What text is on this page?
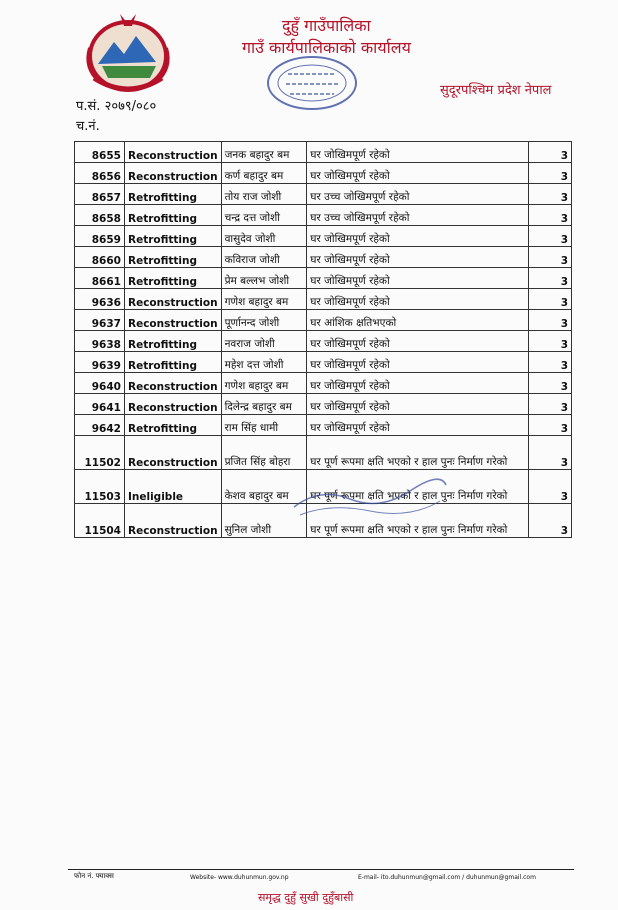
दुहुँ गाउँपालिका
गाउँ कार्यपालिकाको कार्यालय
सुदूरपश्चिम प्रदेश नेपाल
प.सं. २०७९/०८०
च.नं.
8655	Reconstruction	जनक बहादुर बम	घर जोखिमपूर्ण रहेको	3
8656	Reconstruction	कर्ण बहादुर बम	घर जोखिमपूर्ण रहेको	3
8657	Retrofitting	तोय राज जोशी	घर उच्च जोखिमपूर्ण रहेको	3
8658	Retrofitting	चन्द्र दत्त जोशी	घर उच्च जोखिमपूर्ण रहेको	3
8659	Retrofitting	वासुदेव जोशी	घर जोखिमपूर्ण रहेको	3
8660	Retrofitting	कविराज जोशी	घर जोखिमपूर्ण रहेको	3
8661	Retrofitting	प्रेम बल्लभ जोशी	घर जोखिमपूर्ण रहेको	3
9636	Reconstruction	गणेश बहादुर बम	घर जोखिमपूर्ण रहेको	3
9637	Reconstruction	पूर्णानन्द जोशी	घर आंशिक क्षतिभएको	3
9638	Retrofitting	नवराज जोशी	घर जोखिमपूर्ण रहेको	3
9639	Retrofitting	महेश दत्त जोशी	घर जोखिमपूर्ण रहेको	3
9640	Reconstruction	गणेश बहादुर बम	घर जोखिमपूर्ण रहेको	3
9641	Reconstruction	दिलेन्द्र बहादुर बम	घर जोखिमपूर्ण रहेको	3
9642	Retrofitting	राम सिंह धामी	घर जोखिमपूर्ण रहेको	3
11502	Reconstruction	प्रजित सिंह बोहरा	घर पूर्ण रूपमा क्षति भएको र हाल पुनः निर्माण गरेको	3
11503	Ineligible	केशव बहादुर बम	घर पूर्ण रूपमा क्षति भएको र हाल पुनः निर्माण गरेको	3
11504	Reconstruction	सुनिल जोशी	घर पूर्ण रूपमा क्षति भएको र हाल पुनः निर्माण गरेको	3
फोन नं. फ्याक्स	Website- www.duhunmun.gov.np	E-mail- ito.duhunmun@gmail.com / duhunmun@gmail.com
समृद्ध दुहुँ सुखी दुहुँबासी
